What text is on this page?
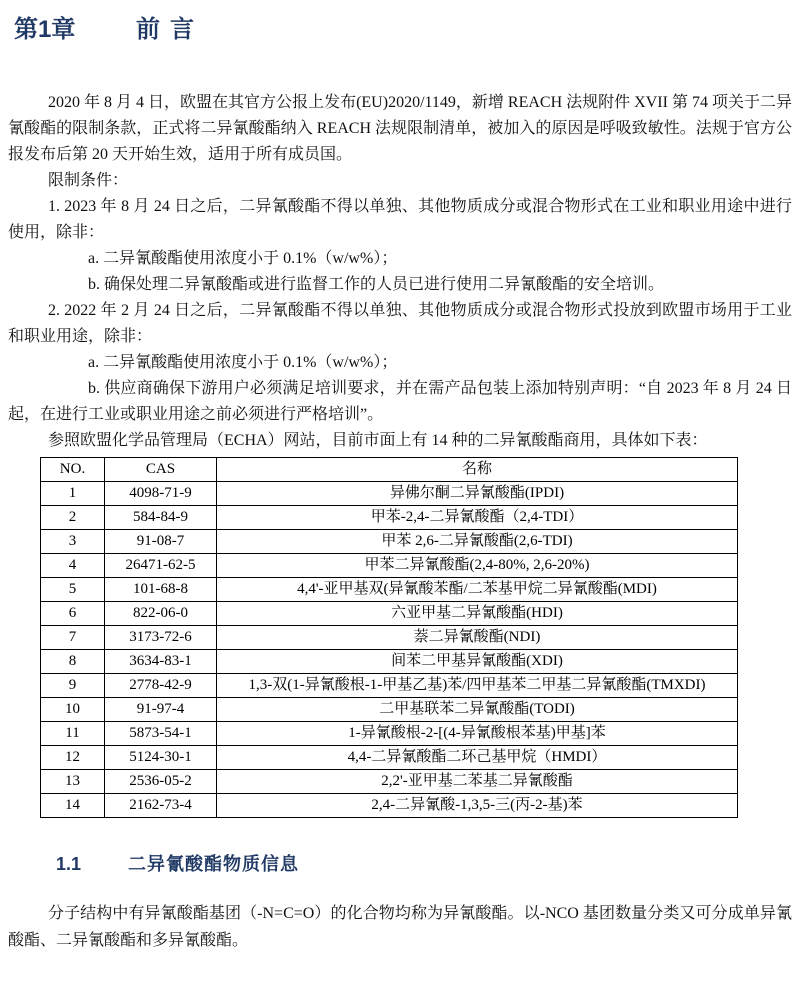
第1章	前言

2020 年 8 月 4 日，欧盟在其官方公报上发布(EU)2020/1149，新增 REACH 法规附件 XVII 第 74 项关于二异氰酸酯的限制条款，正式将二异氰酸酯纳入 REACH 法规限制清单，被加入的原因是呼吸致敏性。法规于官方公报发布后第 20 天开始生效，适用于所有成员国。

限制条件：

1. 2023 年 8 月 24 日之后，二异氰酸酯不得以单独、其他物质成分或混合物形式在工业和职业用途中进行使用，除非：

a. 二异氰酸酯使用浓度小于 0.1%（w/w%）；

b. 确保处理二异氰酸酯或进行监督工作的人员已进行使用二异氰酸酯的安全培训。

2. 2022 年 2 月 24 日之后，二异氰酸酯不得以单独、其他物质成分或混合物形式投放到欧盟市场用于工业和职业用途，除非：

a. 二异氰酸酯使用浓度小于 0.1%（w/w%）；

b. 供应商确保下游用户必须满足培训要求，并在需产品包装上添加特别声明：“自 2023 年 8 月 24 日起，在进行工业或职业用途之前必须进行严格培训”。

参照欧盟化学品管理局（ECHA）网站，目前市面上有 14 种的二异氰酸酯商用，具体如下表：

NO.	CAS	名称
1	4098-71-9	异佛尔酮二异氰酸酯(IPDI)
2	584-84-9	甲苯-2,4-二异氰酸酯（2,4-TDI）
3	91-08-7	甲苯 2,6-二异氰酸酯(2,6-TDI)
4	26471-62-5	甲苯二异氰酸酯(2,4-80%, 2,6-20%)
5	101-68-8	4,4'-亚甲基双(异氰酸苯酯/二苯基甲烷二异氰酸酯(MDI)
6	822-06-0	六亚甲基二异氰酸酯(HDI)
7	3173-72-6	萘二异氰酸酯(NDI)
8	3634-83-1	间苯二甲基异氰酸酯(XDI)
9	2778-42-9	1,3-双(1-异氰酸根-1-甲基乙基)苯/四甲基苯二甲基二异氰酸酯(TMXDI)
10	91-97-4	二甲基联苯二异氰酸酯(TODI)
11	5873-54-1	1-异氰酸根-2-[(4-异氰酸根苯基)甲基]苯
12	5124-30-1	4,4-二异氰酸酯二环己基甲烷（HMDI）
13	2536-05-2	2,2'-亚甲基二苯基二异氰酸酯
14	2162-73-4	2,4-二异氰酸-1,3,5-三(丙-2-基)苯
1.1	二异氰酸酯物质信息

分子结构中有异氰酸酯基团（-N=C=O）的化合物均称为异氰酸酯。以-NCO 基团数量分类又可分成单异氰酸酯、二异氰酸酯和多异氰酸酯。
